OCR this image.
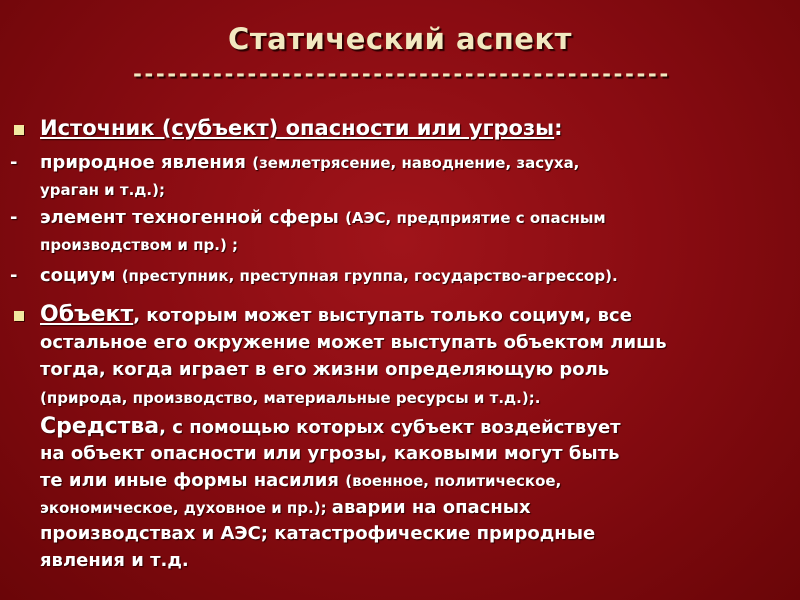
Статический аспект
-----------------------------------------------
Источник (субъект) опасности или угрозы:
- природное явления (землетрясение, наводнение, засуха,
ураган и т.д.);
- элемент техногенной сферы (АЭС, предприятие с опасным
производством и пр.) ;
- социум (преступник, преступная группа, государство-агрессор).
Объект, которым может выступать только социум, все
остальное его окружение может выступать объектом лишь
тогда, когда играет в его жизни определяющую роль
(природа, производство, материальные ресурсы и т.д.);.
Средства, с помощью которых субъект воздействует
на объект опасности или угрозы, каковыми могут быть
те или иные формы насилия (военное, политическое,
экономическое, духовное и пр.); аварии на опасных
производствах и АЭС; катастрофические природные
явления и т.д.
